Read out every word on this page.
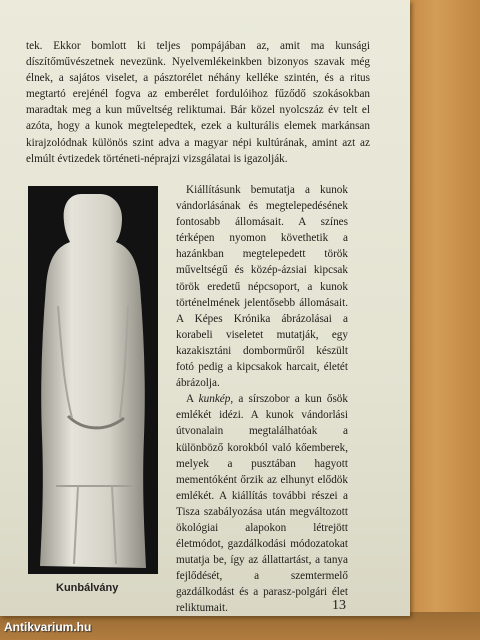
tek. Ekkor bomlott ki teljes pompájában az, amit ma kunsági díszítőművészetnek nevezünk. Nyelvemlékeinkben bizonyos szavak még élnek, a sajátos viselet, a pásztorélet néhány kelléke szintén, és a ritus megtartó erejénél fogva az emberélet fordulóihoz fűződő szokásokban maradtak meg a kun műveltség reliktumai. Bár közel nyolcszáz év telt el azóta, hogy a kunok megtelepedtek, ezek a kulturális elemek markánsan kirajzolódnak különös szint adva a magyar népi kultúrának, amint azt az elmúlt évtizedek történeti-néprajzi vizsgálatai is igazolják.

Kiállításunk bemutatja a kunok vándorlásának és megtelepedésének fontosabb állomásait. A színes térképen nyomon követhetik a hazánkban megtelepedett török műveltségű és közép-ázsiai kipcsak török eredetű népcsoport, a kunok történelmének jelentősebb állomásait. A Képes Krónika ábrázolásai a korabeli viseletet mutatják, egy kazakisztáni domborműről készült fotó pedig a kipcsakok harcait, életét ábrázolja.

A kunkép, a sírszobor a kun ősök emlékét idézi. A kunok vándorlási útvonalain megtalálhatóak a különböző korokból való kőemberek, melyek a pusztában hagyott mementóként őrzik az elhunyt elődök emlékét. A kiállítás további részei a Tisza szabályozása után megváltozott ökológiai alapokon létrejött életmódot, gazdálkodási módozatokat mutatja be, így az állattartást, a tanya fejlődését, a szemtermelő gazdálkodást és a parasz-polgári élet reliktumait.

Kunbálvány
13
Antikvarium.hu
